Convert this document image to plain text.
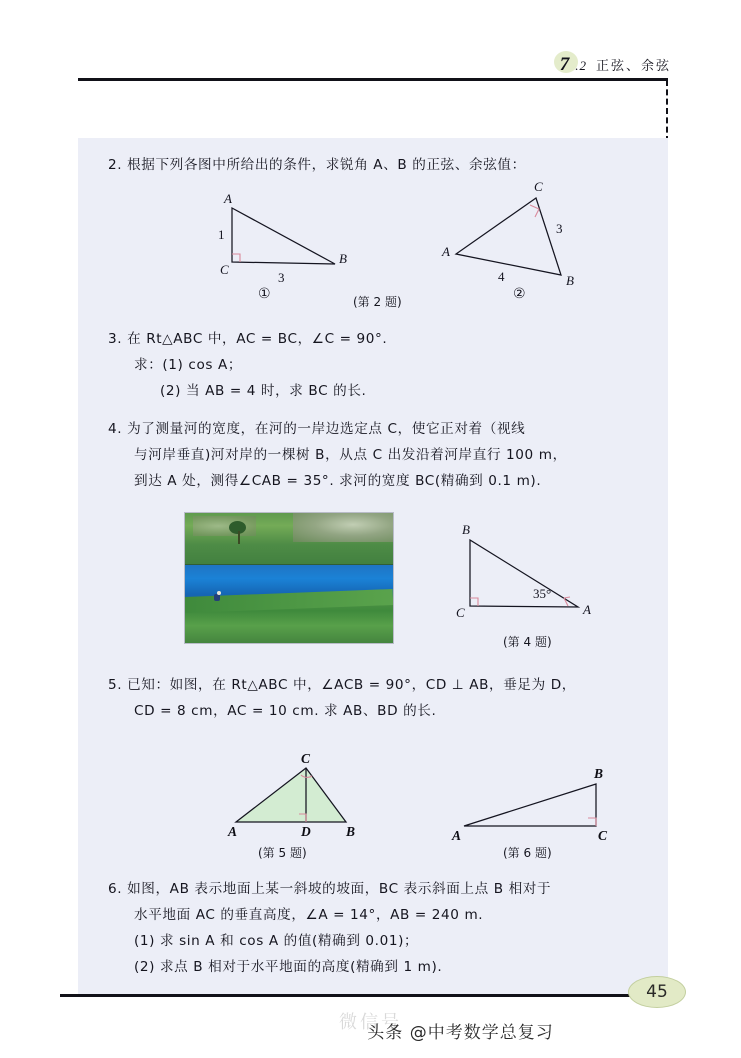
7 .2 正弦、余弦
2. 根据下列各图中所给出的条件，求锐角 A、B 的正弦、余弦值：
A
C
B
1
3
①
C
A
B
3
4
②
(第 2 题)
3. 在 Rt△ABC 中，AC = BC，∠C = 90°.
求：(1) cos A；
(2) 当 AB = 4 时，求 BC 的长.
4. 为了测量河的宽度，在河的一岸边选定点 C，使它正对着（视线
与河岸垂直)河对岸的一棵树 B，从点 C 出发沿着河岸直行 100 m，
到达 A 处，测得∠CAB = 35°. 求河的宽度 BC(精确到 0.1 m).
B
C	A
35°
(第 4 题)
5. 已知：如图，在 Rt△ABC 中，∠ACB = 90°，CD ⊥ AB，垂足为 D，
CD = 8 cm，AC = 10 cm. 求 AB、BD 的长.
C
A	D	B
(第 5 题)
B
A	C
(第 6 题)
6. 如图，AB 表示地面上某一斜坡的坡面，BC 表示斜面上点 B 相对于
水平地面 AC 的垂直高度，∠A = 14°，AB = 240 m.
(1) 求 sin A 和 cos A 的值(精确到 0.01)；
(2) 求点 B 相对于水平地面的高度(精确到 1 m).
45
微信号
头条 @中考数学总复习
